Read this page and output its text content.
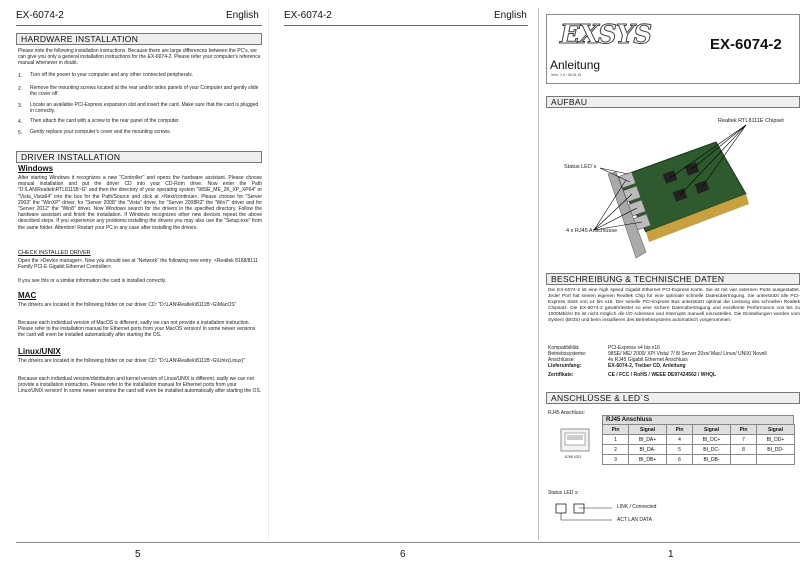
EX-6074-2	English
HARDWARE INSTALLATION
Please note the following installation instructions. Because there are large differences between the PC's, we can give you only a general installation instructions for the EX-6074-2. Please refer your computer's reference manual whenever in doubt.
1. Turn off the power to your computer and any other connected peripherals.
2. Remove the mounting screws located at the rear and/or sides panels of your Computer and gently slide the cover off.
3. Locate an available PCI-Express expansion slot and insert the card. Make sure that the card is plugged in correctly.
4. Then attach the card with a screw to the rear panel of the computer.
5. Gently replace your computer's cover and the mounting screws.
DRIVER INSTALLATION
Windows
After starting Windows it recognizes a new "Controller" and opens the hardware assistant. Please choose manual installation and put the driver CD into your CD-Rom drive. Now enter the Path "D:\LAN\Realtek\RTL8111B~G" and then the directory of your operating system "98SE_ME_2K_XP_XP64" or "Vista_Vista64" into the box for the Path/Source and click at >Next/continue<. Please choose for "Server 2003" the "WinXP" driver, for "Server 2008" the "Vista" driver, for "Server 2008R2" the "Win7" driver and for "Server 2012" the "Win8" driver. Now Windows search for the drivers in the specified directory. Follow the hardware assistant and finish the installation. If Windows recognizes other new devices repeat the above described steps. If you experience any problems installing the drivers you may also use the "Setup.exe" from the same folder. Attention! Restart your PC in any case after installing the drivers.
EX-6074-2	English
CHECK INSTALLED DRIVER
Open the >Device manager<. Now you should see at "Network" the following new entry: <Realtek 8168/8111 Family PCI-E Gigabit Ethernet Controller>.
If you see this or a similar information the card is installed correctly.
MAC
The drivers are located in the following folder on our driver CD: "D:\LAN\Realtek\8111B~G\MacOS"
Because each individual version of MacOS is different, sadly we can not provide a installation instruction. Please refer to the installation manual for Ethernet ports from your MacOS version! In some newer versions the card will even be installed automatically after starting the OS.
Linux/UNIX
The drivers are located in the following folder on our driver CD: "D:\LAN\Realtek\8111B~G\Unix(Linux)"
Because each individual version/distribution and kernel version of Linux/UNIX is different, sadly we can not provide a installation instruction. Please refer to the installation manual for Ethernet ports from your Linux/UNIX version! In some newer versions the card will even be installed automatically after starting the OS.
EXSYS	EX-6074-2
Anleitung
Vers. 1.0 / 06.04.15
AUFBAU
Realtek RTL8111E Chipset
Status LED´s
4 x RJ45 Anschlüsse
BESCHREIBUNG & TECHNISCHE DATEN
Die EX-6074-2 ist eine high speed Gigabit Ethernet PCI-Express Karte. Sie ist mit vier externen Ports ausgestattet. Jeder Port hat seinen eigenen Realtek Chip für eine optimale schnelle Datenübertragung. Sie unterstützt alle PCI-Express Slots von x4 bis x16. Der serielle PCI-Express Bus unterstützt optimal die Leistung des schnellen Realtek Chipsatz. Die EX-6074-2 gewährleistet so eine sichere Datenübertragung und exzellente Performance von bis zu 1000Mbit/s! Es ist nicht möglich die I/O Adressen und Interrupts manuell einzustellen. Die Einstellungen werden vom System (BIOS) und beim installieren des Betriebssystems automatisch vorgenommen.
Kompatibilität:	PCI-Express x4 bis x16
Betriebssysteme:	98SE/ ME/ 2000/ XP/ Vista/ 7/ 8/ Server 20xx/ Mac/ Linux/ UNIX/ Novell
Anschlüsse:	4x RJ45 Gigabit Ethernet Anschluss
Lieferumfang:	EX-6074-2, Treiber CD, Anleitung
Zertifikate:	CE / FCC / RoHS / WEEE DE97424562 / WHQL
ANSCHLÜSSE & LED´S
RJ45 Anschluss:
8765 4321
RJ45 Anschluss
Pin	Signal	Pin	Signal	Pin	Signal
1	BI_DA+	4	BI_DC+	7	BI_DD+
2	BI_DA-	5	BI_DC-	8	BI_DD-
3	BI_DB+	6	BI_DB-		
Status LED´s:
LINK / Connected
ACT LAN DATA
5	6	1
